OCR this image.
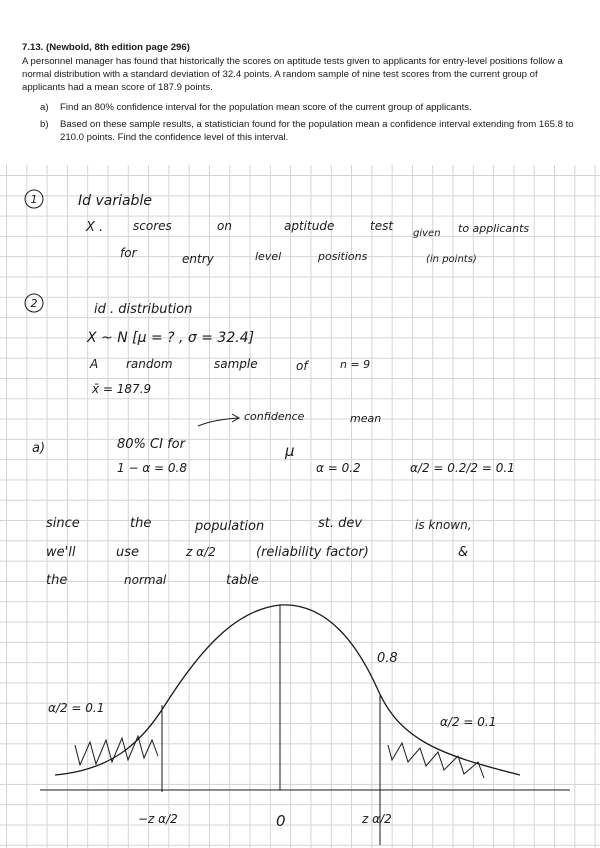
7.13. (Newbold, 8th edition page 296)
A personnel manager has found that historically the scores on aptitude tests given to applicants for entry-level positions follow a normal distribution with a standard deviation of 32.4 points. A random sample of nine test scores from the current group of applicants had a mean score of 187.9 points.
a) Find an 80% confidence interval for the population mean score of the current group of applicants.
b) Based on these sample results, a statistician found for the population mean a confidence interval extending from 165.8 to 210.0 points. Find the confidence level of this interval.
1	Id variable
X . scores	on	aptitude	test
given to applicants
for	entry	level	positions	(in points)
2	id . distribution
X ~ N [μ = ? , σ = 32.4]
A random	sample	of	n = 9
x̄ = 187.9
a)
confidence	mean
80% CI for	μ
1 − α = 0.8	α = 0.2	α/2 = 0.2/2 = 0.1
since	the	population	st. dev	is known,
we'll	use	z α/2	(reliability factor)	&
the	normal	table
0.8
α/2 = 0.1
α/2 = 0.1
−z α/2	0	z α/2
